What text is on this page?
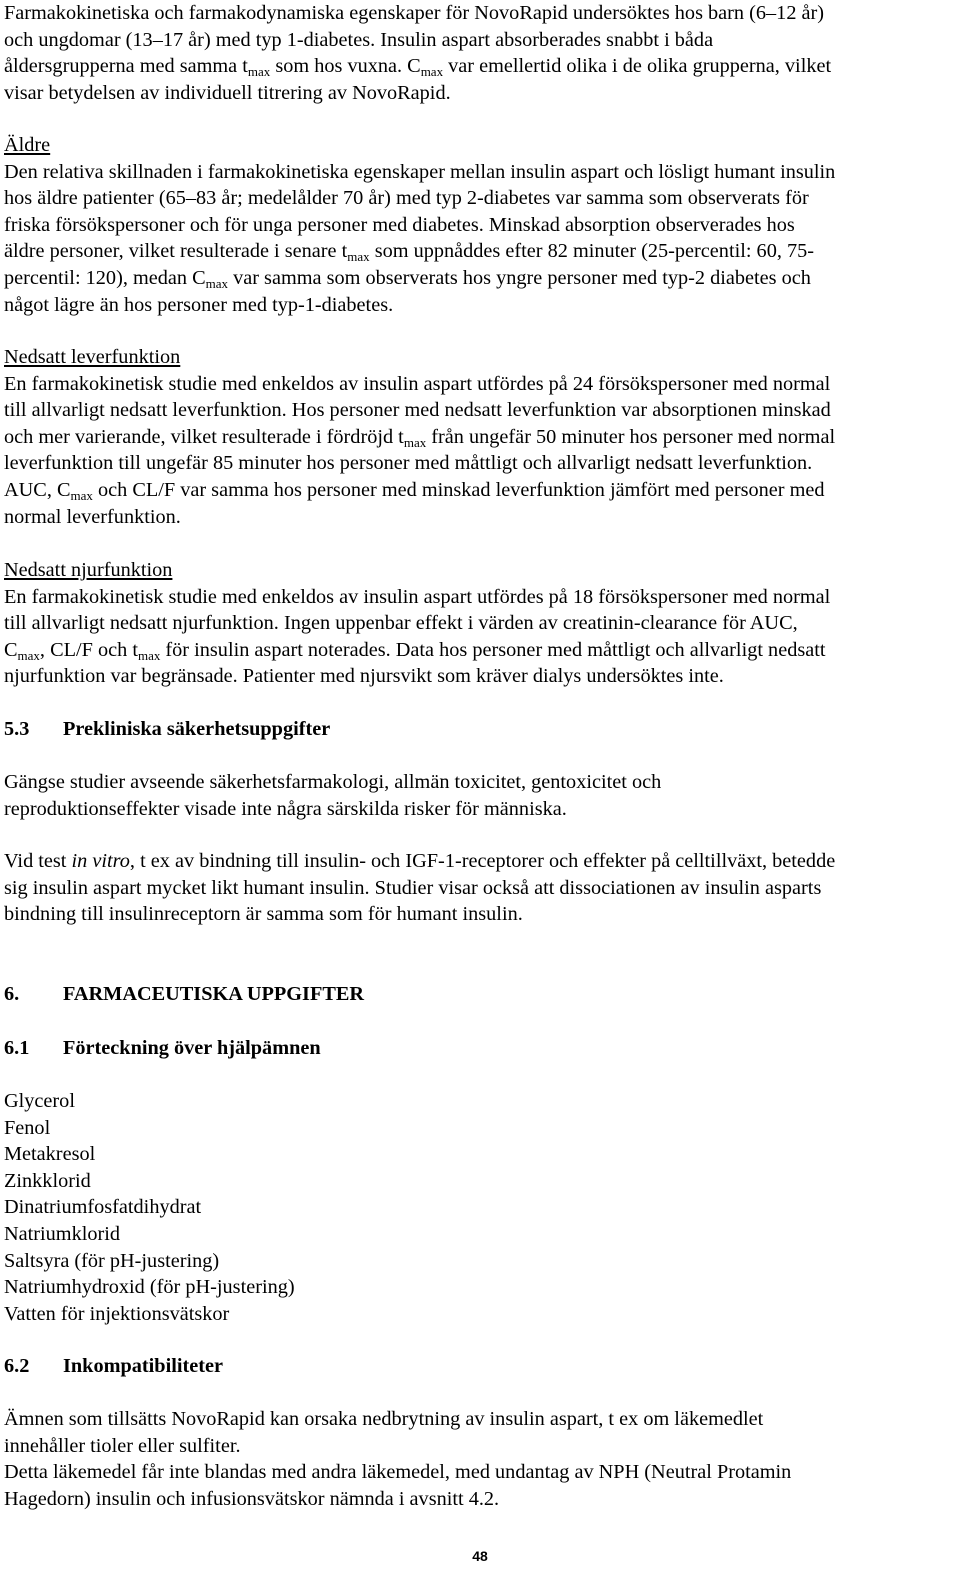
Farmakokinetiska och farmakodynamiska egenskaper för NovoRapid undersöktes hos barn (6–12 år)

och ungdomar (13–17 år) med typ 1-diabetes. Insulin aspart absorberades snabbt i båda

åldersgrupperna med samma $t_{max}$ som hos vuxna. $C_{max}$ var emellertid olika i de olika grupperna, vilket

visar betydelsen av individuell titrering av NovoRapid.

Äldre

Den relativa skillnaden i farmakokinetiska egenskaper mellan insulin aspart och lösligt humant insulin

hos äldre patienter (65–83 år; medelålder 70 år) med typ 2-diabetes var samma som observerats för

friska försökspersoner och för unga personer med diabetes. Minskad absorption observerades hos

äldre personer, vilket resulterade i senare $t_{max}$ som uppnåddes efter 82 minuter (25-percentil: 60, 75-

percentil: 120), medan $C_{max}$ var samma som observerats hos yngre personer med typ-2 diabetes och

något lägre än hos personer med typ-1-diabetes.

Nedsatt leverfunktion

En farmakokinetisk studie med enkeldos av insulin aspart utfördes på 24 försökspersoner med normal

till allvarligt nedsatt leverfunktion. Hos personer med nedsatt leverfunktion var absorptionen minskad

och mer varierande, vilket resulterade i fördröjd $t_{max}$ från ungefär 50 minuter hos personer med normal

leverfunktion till ungefär 85 minuter hos personer med måttligt och allvarligt nedsatt leverfunktion.

AUC, $C_{max}$ och CL/F var samma hos personer med minskad leverfunktion jämfört med personer med

normal leverfunktion.

Nedsatt njurfunktion

En farmakokinetisk studie med enkeldos av insulin aspart utfördes på 18 försökspersoner med normal

till allvarligt nedsatt njurfunktion. Ingen uppenbar effekt i värden av creatinin-clearance för AUC,

$C_{max}$, CL/F och $t_{max}$ för insulin aspart noterades. Data hos personer med måttligt och allvarligt nedsatt

njurfunktion var begränsade. Patienter med njursvikt som kräver dialys undersöktes inte.

5.3 Prekliniska säkerhetsuppgifter

Gängse studier avseende säkerhetsfarmakologi, allmän toxicitet, gentoxicitet och

reproduktionseffekter visade inte några särskilda risker för människa.

Vid test in vitro, t ex av bindning till insulin- och IGF-1-receptorer och effekter på celltillväxt, betedde

sig insulin aspart mycket likt humant insulin. Studier visar också att dissociationen av insulin asparts

bindning till insulinreceptorn är samma som för humant insulin.

6. FARMACEUTISKA UPPGIFTER

6.1 Förteckning över hjälpämnen

Glycerol

Fenol

Metakresol

Zinkklorid

Dinatriumfosfatdihydrat

Natriumklorid

Saltsyra (för pH-justering)

Natriumhydroxid (för pH-justering)

Vatten för injektionsvätskor

6.2 Inkompatibiliteter

Ämnen som tillsätts NovoRapid kan orsaka nedbrytning av insulin aspart, t ex om läkemedlet

innehåller tioler eller sulfiter.

Detta läkemedel får inte blandas med andra läkemedel, med undantag av NPH (Neutral Protamin

Hagedorn) insulin och infusionsvätskor nämnda i avsnitt 4.2.

48
